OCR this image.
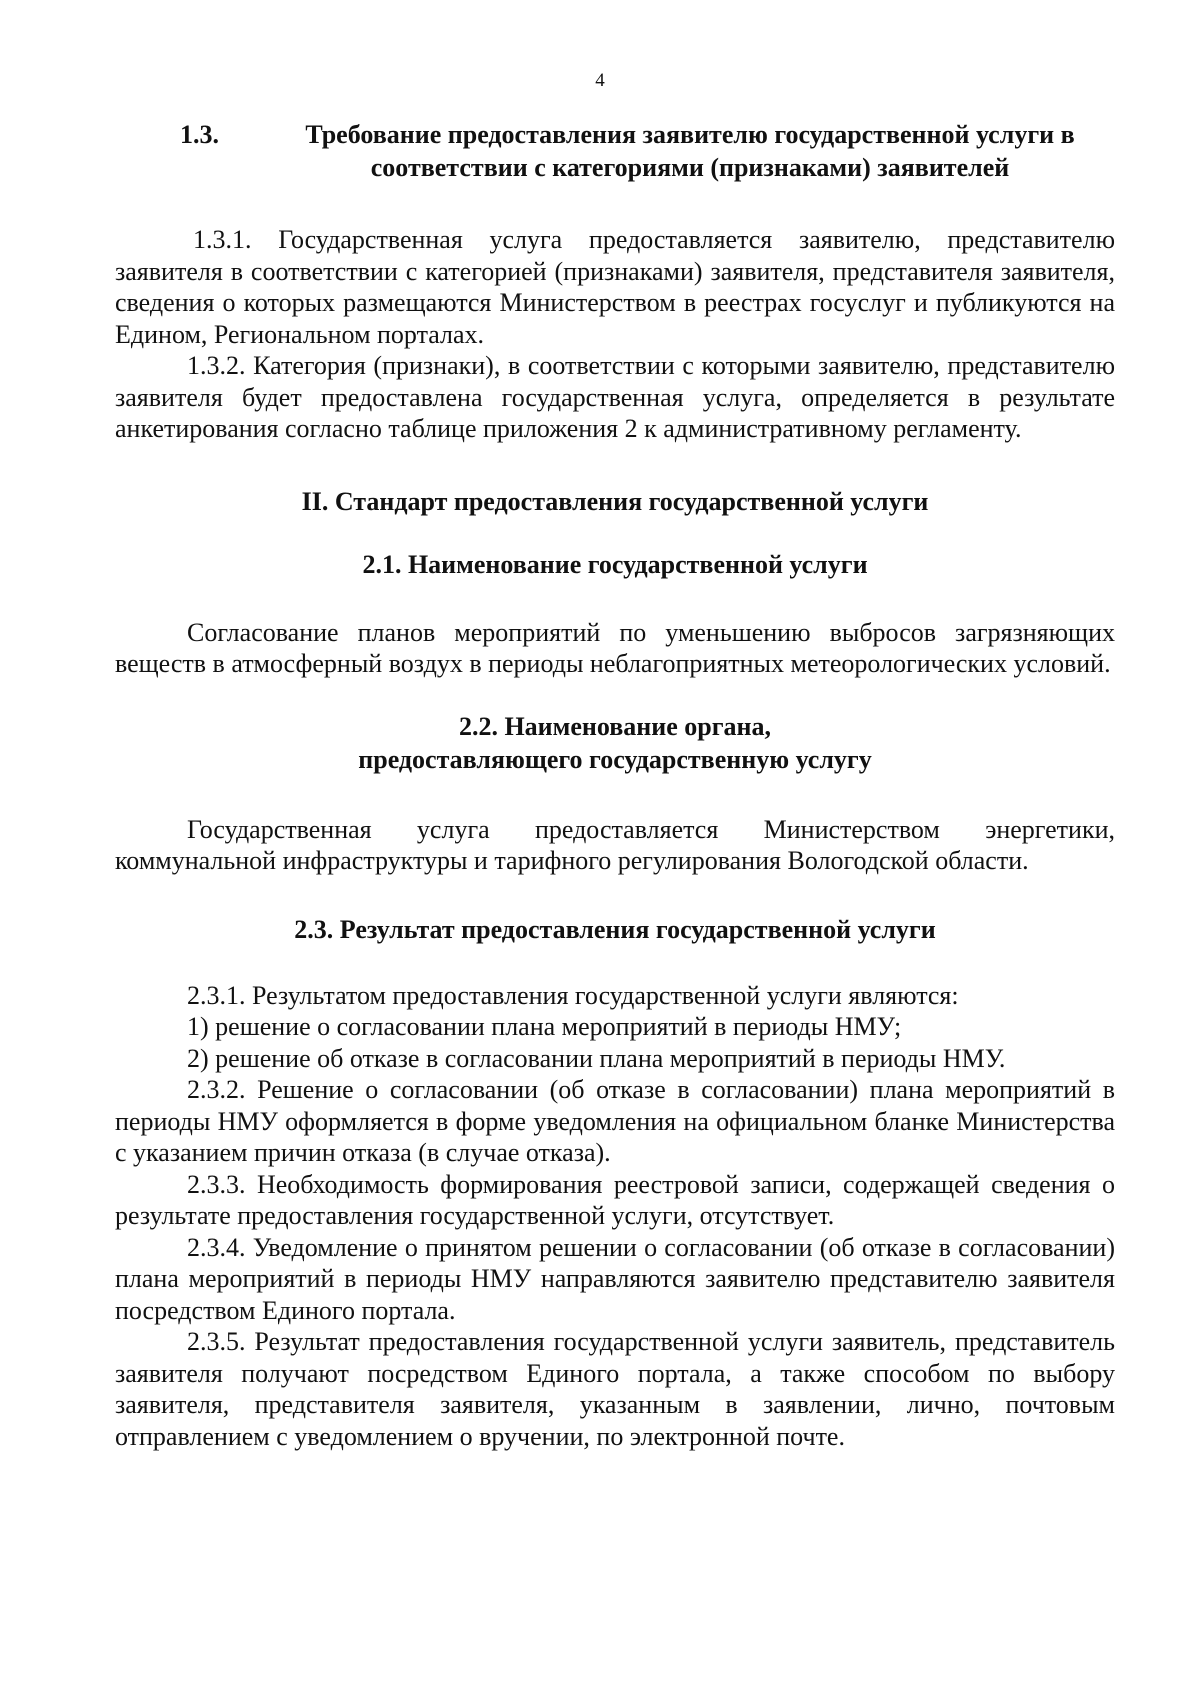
4
1.3.	Требование предоставления заявителю государственной услуги в соответствии с категориями (признаками) заявителей

1.3.1. Государственная услуга предоставляется заявителю, представителю заявителя в соответствии с категорией (признаками) заявителя, представителя заявителя, сведения о которых размещаются Министерством в реестрах госуслуг и публикуются на Едином, Региональном порталах.

1.3.2. Категория (признаки), в соответствии с которыми заявителю, представителю заявителя будет предоставлена государственная услуга, определяется в результате анкетирования согласно таблице приложения 2 к административному регламенту.

II. Стандарт предоставления государственной услуги
2.1. Наименование государственной услуги

Согласование планов мероприятий по уменьшению выбросов загрязняющих веществ в атмосферный воздух в периоды неблагоприятных метеорологических условий.

2.2. Наименование органа,
предоставляющего государственную услугу

Государственная услуга предоставляется Министерством энергетики, коммунальной инфраструктуры и тарифного регулирования Вологодской области.

2.3. Результат предоставления государственной услуги

2.3.1. Результатом предоставления государственной услуги являются:

1) решение о согласовании плана мероприятий в периоды НМУ;

2) решение об отказе в согласовании плана мероприятий в периоды НМУ.

2.3.2. Решение о согласовании (об отказе в согласовании) плана мероприятий в периоды НМУ оформляется в форме уведомления на официальном бланке Министерства с указанием причин отказа (в случае отказа).

2.3.3. Необходимость формирования реестровой записи, содержащей сведения о результате предоставления государственной услуги, отсутствует.

2.3.4. Уведомление о принятом решении о согласовании (об отказе в согласовании) плана мероприятий в периоды НМУ направляются заявителю представителю заявителя посредством Единого портала.

2.3.5. Результат предоставления государственной услуги заявитель, представитель заявителя получают посредством Единого портала, а также способом по выбору заявителя, представителя заявителя, указанным в заявлении, лично, почтовым отправлением с уведомлением о вручении, по электронной почте.
